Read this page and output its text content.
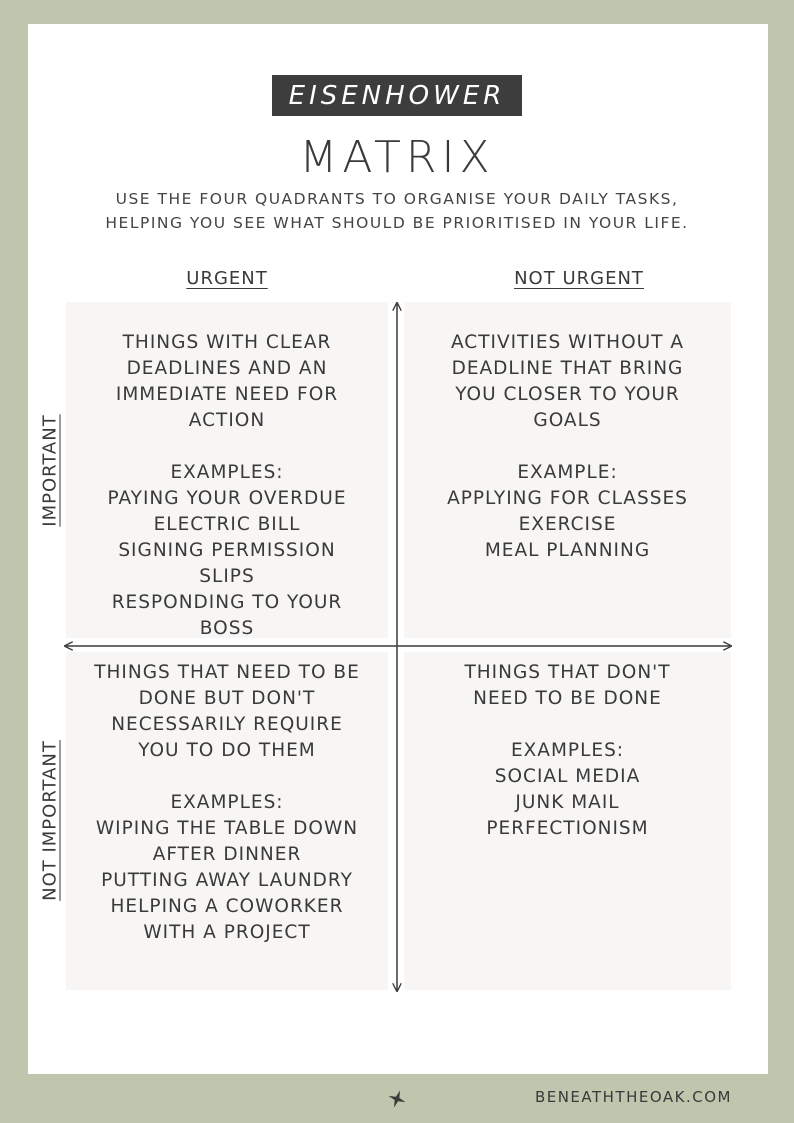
EISENHOWER
MATRIX
USE THE FOUR QUADRANTS TO ORGANISE YOUR DAILY TASKS,
HELPING YOU SEE WHAT SHOULD BE PRIORITISED IN YOUR LIFE.
URGENT	NOT URGENT
IMPORTANT
NOT IMPORTANT
THINGS WITH CLEAR
DEADLINES AND AN
IMMEDIATE NEED FOR
ACTION
EXAMPLES:
PAYING YOUR OVERDUE
ELECTRIC BILL
SIGNING PERMISSION
SLIPS
RESPONDING TO YOUR
BOSS
ACTIVITIES WITHOUT A
DEADLINE THAT BRING
YOU CLOSER TO YOUR
GOALS
EXAMPLE:
APPLYING FOR CLASSES
EXERCISE
MEAL PLANNING
THINGS THAT NEED TO BE
DONE BUT DON'T
NECESSARILY REQUIRE
YOU TO DO THEM
EXAMPLES:
WIPING THE TABLE DOWN
AFTER DINNER
PUTTING AWAY LAUNDRY
HELPING A COWORKER
WITH A PROJECT
THINGS THAT DON'T
NEED TO BE DONE
EXAMPLES:
SOCIAL MEDIA
JUNK MAIL
PERFECTIONISM
BENEATHTHEOAK.COM
